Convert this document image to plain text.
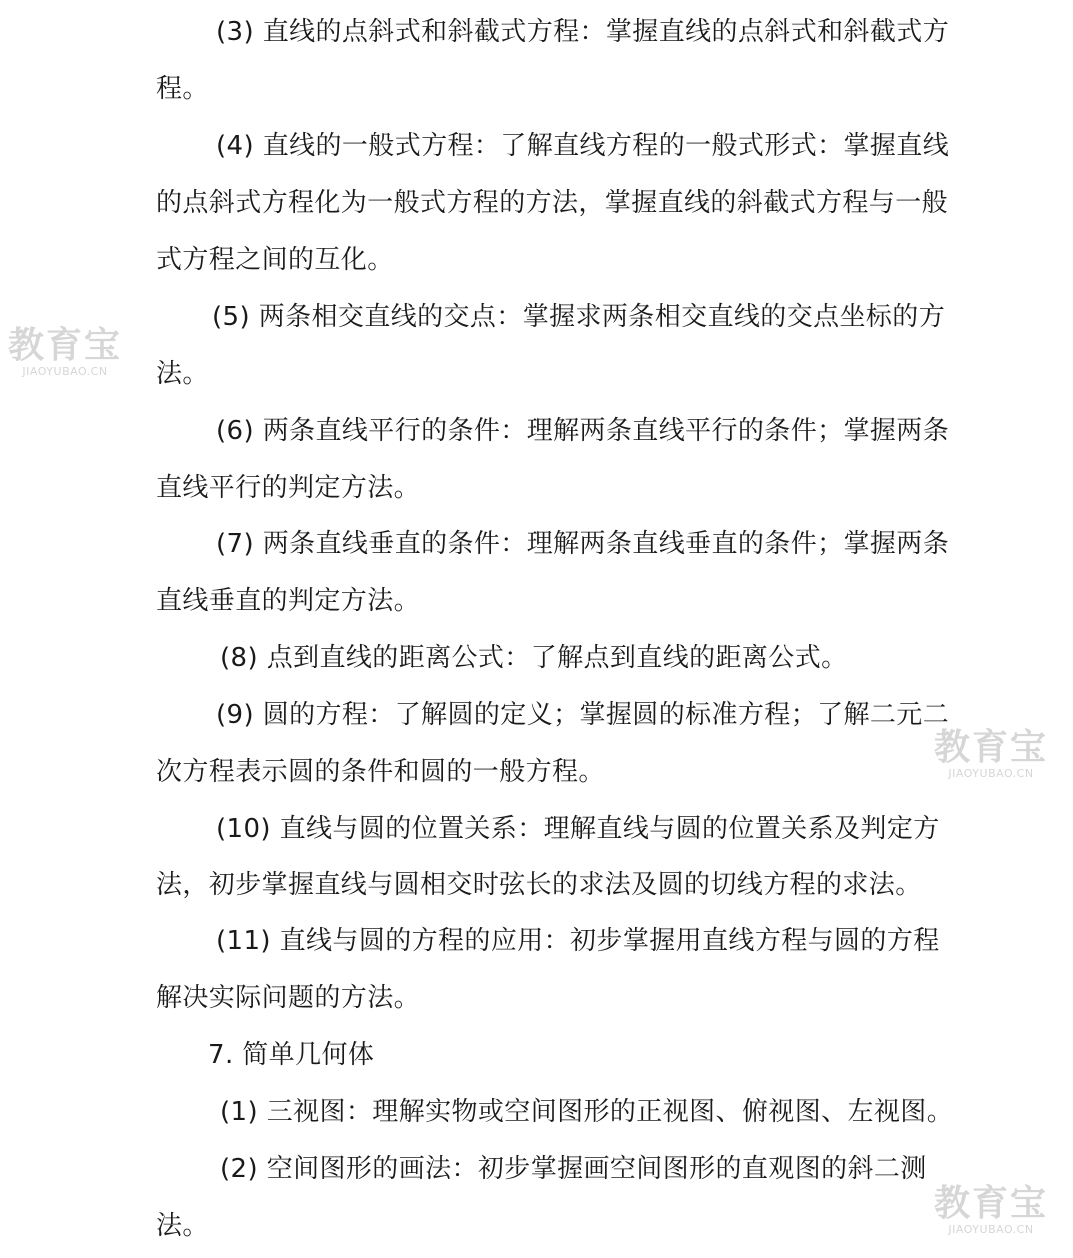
教育宝
JIAOYUBAO.CN
教育宝
JIAOYUBAO.CN
教育宝
JIAOYUBAO.CN
(3) 直线的点斜式和斜截式方程：掌握直线的点斜式和斜截式方
程。
(4) 直线的一般式方程：了解直线方程的一般式形式：掌握直线
的点斜式方程化为一般式方程的方法，掌握直线的斜截式方程与一般
式方程之间的互化。
(5) 两条相交直线的交点：掌握求两条相交直线的交点坐标的方
法。
(6) 两条直线平行的条件：理解两条直线平行的条件；掌握两条
直线平行的判定方法。
(7) 两条直线垂直的条件：理解两条直线垂直的条件；掌握两条
直线垂直的判定方法。
(8) 点到直线的距离公式：了解点到直线的距离公式。
(9) 圆的方程：了解圆的定义；掌握圆的标准方程；了解二元二
次方程表示圆的条件和圆的一般方程。
(10) 直线与圆的位置关系：理解直线与圆的位置关系及判定方
法，初步掌握直线与圆相交时弦长的求法及圆的切线方程的求法。
(11) 直线与圆的方程的应用：初步掌握用直线方程与圆的方程
解决实际问题的方法。
7. 简单几何体
(1) 三视图：理解实物或空间图形的正视图、俯视图、左视图。
(2) 空间图形的画法：初步掌握画空间图形的直观图的斜二测
法。
